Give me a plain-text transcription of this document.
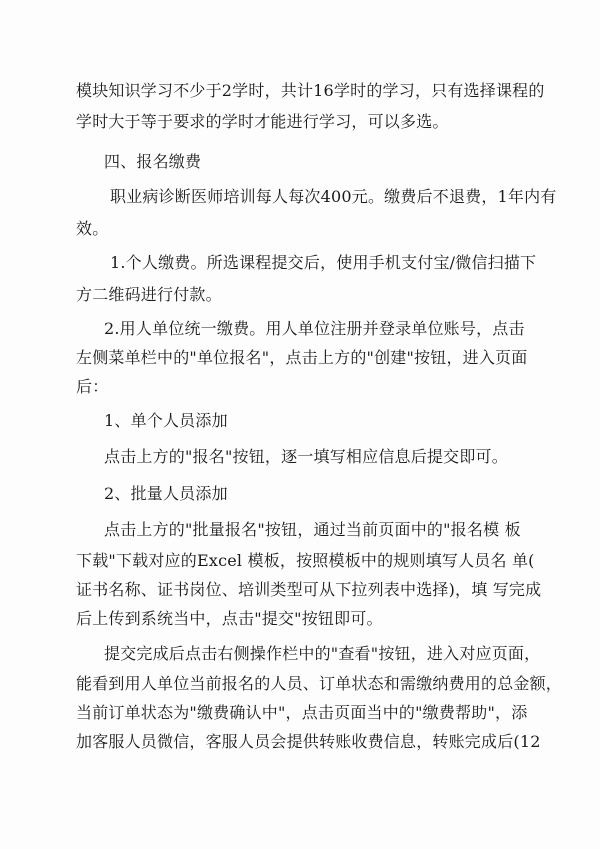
模块知识学习不少于2学时，共计16学时的学习，只有选择课程的
学时大于等于要求的学时才能进行学习，可以多选。
四、报名缴费
职业病诊断医师培训每人每次400元。缴费后不退费，1年内有
效。
1.个人缴费。所选课程提交后，使用手机支付宝/微信扫描下
方二维码进行付款。
2.用人单位统一缴费。用人单位注册并登录单位账号，点击
左侧菜单栏中的"单位报名"，点击上方的"创建"按钮，进入页面
后：
1、单个人员添加
点击上方的"报名"按钮，逐一填写相应信息后提交即可。
2、批量人员添加
点击上方的"批量报名"按钮，通过当前页面中的"报名模 板
下载"下载对应的Excel 模板，按照模板中的规则填写人员名 单(
证书名称、证书岗位、培训类型可从下拉列表中选择)，填 写完成
后上传到系统当中，点击"提交"按钮即可。
提交完成后点击右侧操作栏中的"查看"按钮，进入对应页面，
能看到用人单位当前报名的人员、订单状态和需缴纳费用的总金额，
当前订单状态为"缴费确认中"，点击页面当中的"缴费帮助"，添
加客服人员微信，客服人员会提供转账收费信息，转账完成后(12
